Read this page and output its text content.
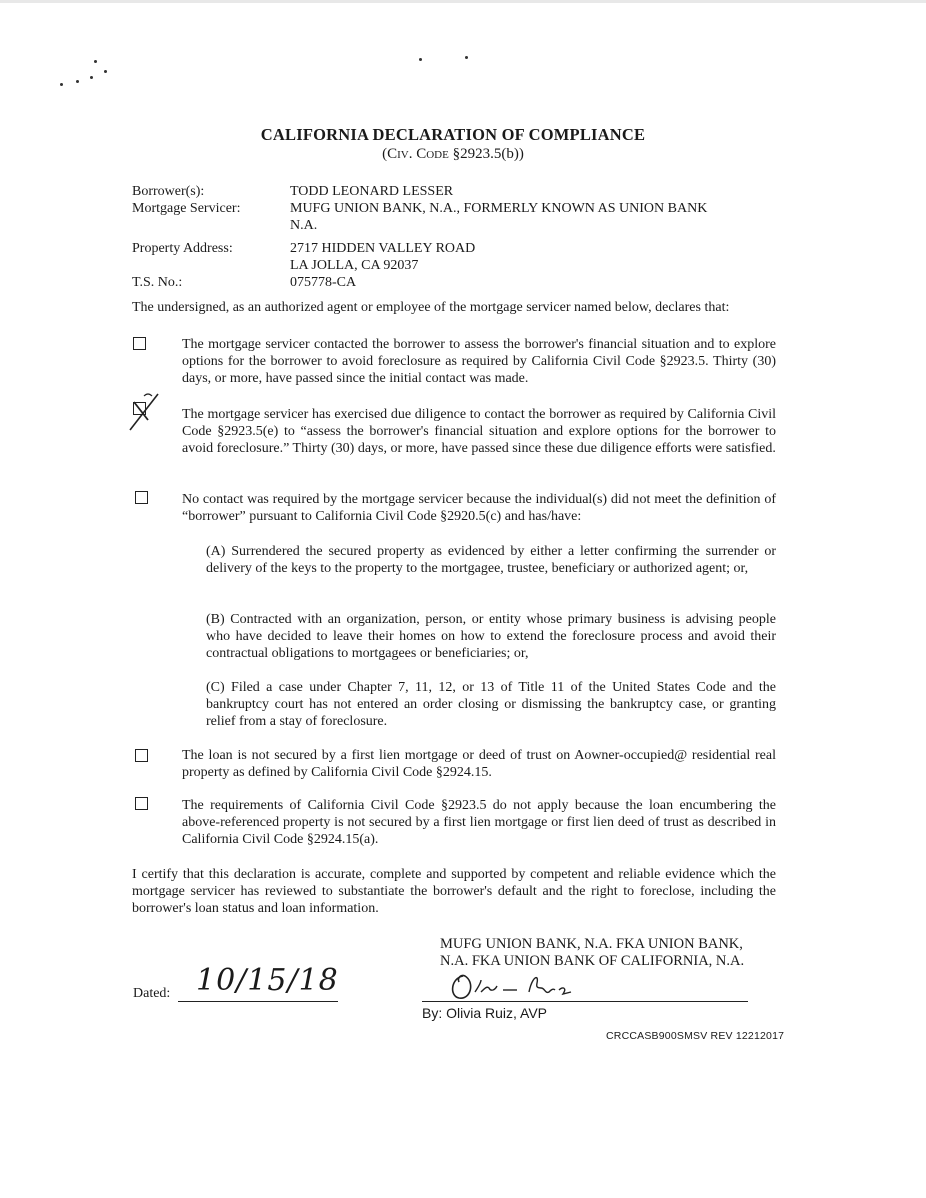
CALIFORNIA DECLARATION OF COMPLIANCE
(Civ. Code §2923.5(b))
Borrower(s):	TODD LEONARD LESSER
Mortgage Servicer:	MUFG UNION BANK, N.A., FORMERLY KNOWN AS UNION BANK
N.A.
Property Address:	2717 HIDDEN VALLEY ROAD
LA JOLLA, CA 92037
T.S. No.:	075778-CA
The undersigned, as an authorized agent or employee of the mortgage servicer named below, declares that:
The mortgage servicer contacted the borrower to assess the borrower's financial situation and to explore options for the borrower to avoid foreclosure as required by California Civil Code §2923.5. Thirty (30) days, or more, have passed since the initial contact was made.
The mortgage servicer has exercised due diligence to contact the borrower as required by California Civil Code §2923.5(e) to “assess the borrower's financial situation and explore options for the borrower to avoid foreclosure.” Thirty (30) days, or more, have passed since these due diligence efforts were satisfied.
No contact was required by the mortgage servicer because the individual(s) did not meet the definition of “borrower” pursuant to California Civil Code §2920.5(c) and has/have:
(A) Surrendered the secured property as evidenced by either a letter confirming the surrender or delivery of the keys to the property to the mortgagee, trustee, beneficiary or authorized agent; or,
(B) Contracted with an organization, person, or entity whose primary business is advising people who have decided to leave their homes on how to extend the foreclosure process and avoid their contractual obligations to mortgagees or beneficiaries; or,
(C) Filed a case under Chapter 7, 11, 12, or 13 of Title 11 of the United States Code and the bankruptcy court has not entered an order closing or dismissing the bankruptcy case, or granting relief from a stay of foreclosure.
The loan is not secured by a first lien mortgage or deed of trust on Aowner-occupied@ residential real property as defined by California Civil Code §2924.15.
The requirements of California Civil Code §2923.5 do not apply because the loan encumbering the above-referenced property is not secured by a first lien mortgage or first lien deed of trust as described in California Civil Code §2924.15(a).
I certify that this declaration is accurate, complete and supported by competent and reliable evidence which the mortgage servicer has reviewed to substantiate the borrower's default and the right to foreclose, including the borrower's loan status and loan information.
MUFG UNION BANK, N.A. FKA UNION BANK,
N.A. FKA UNION BANK OF CALIFORNIA, N.A.
Dated: 10/15/18
By: Olivia Ruiz, AVP
CRCCASB900SMSV REV 12212017
